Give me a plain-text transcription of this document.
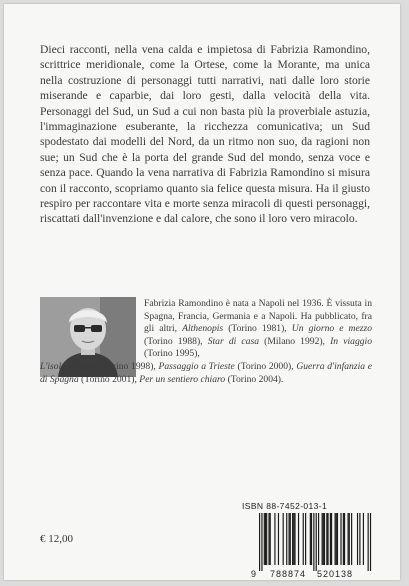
Dieci racconti, nella vena calda e impietosa di Fabrizia Ramondino, scrittrice meridionale, come la Ortese, come la Morante, ma unica nella costruzione di personaggi tutti narrativi, nati dalle loro storie miserande e caparbie, dai loro gesti, dalla velocità della vita. Personaggi del Sud, un Sud a cui non basta più la proverbiale astuzia, l'immaginazione esuberante, la ricchezza comunicativa; un Sud spodestato dai modelli del Nord, da un ritmo non suo, da ragioni non sue; un Sud che è la porta del grande Sud del mondo, senza voce e senza pace. Quando la vena narrativa di Fabrizia Ramondino si misura con il racconto, scopriamo quanto sia felice questa misura. Ha il giusto respiro per raccontare vita e morte senza miracoli di questi personaggi, riscattati dall'invenzione e dal calore, che sono il loro vero miracolo.

Fabrizia Ramondino è nata a Napoli nel 1936. È vissuta in Spagna, Francia, Germania e a Napoli. Ha pubblicato, fra gli altri, Althenopis (Torino 1981), Un giorno e mezzo (Torino 1988), Star di casa (Milano 1992), In viaggio (Torino 1995),
L'isola riflessa (Torino 1998), Passaggio a Trieste (Torino 2000), Guerra d'infanzia e di Spagna (Torino 2001), Per un sentiero chiaro (Torino 2004).

ISBN 88-7452-013-1
9 788874 520138
€ 12,00
